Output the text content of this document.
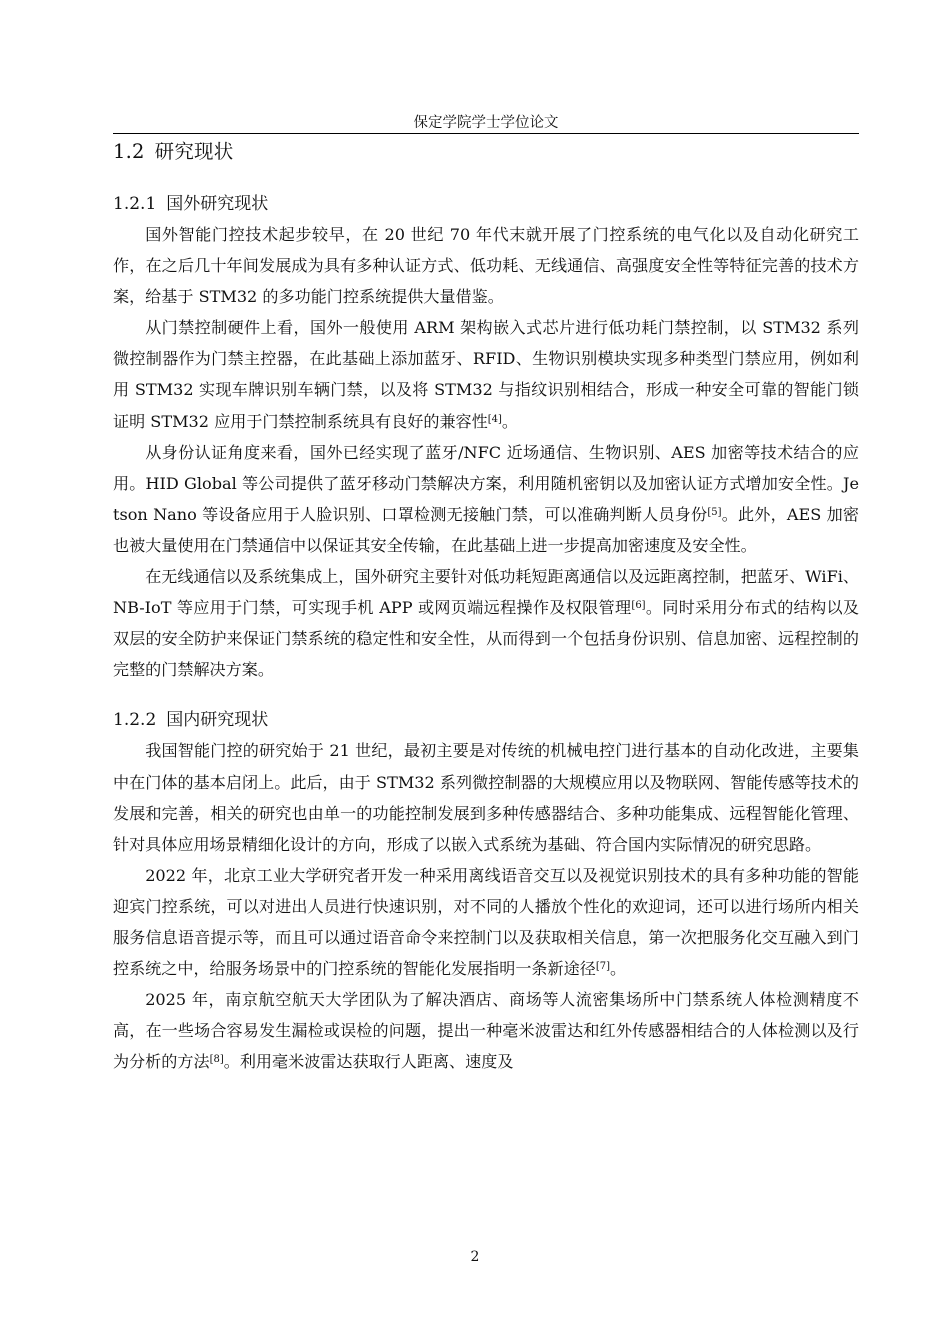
保定学院学士学位论文
1.2 研究现状
1.2.1 国外研究现状

国外智能门控技术起步较早，在 20 世纪 70 年代末就开展了门控系统的电气化以及自动化研究工作，在之后几十年间发展成为具有多种认证方式、低功耗、无线通信、高强度安全性等特征完善的技术方案，给基于 STM32 的多功能门控系统提供大量借鉴。

从门禁控制硬件上看，国外一般使用 ARM 架构嵌入式芯片进行低功耗门禁控制，以 STM32 系列微控制器作为门禁主控器，在此基础上添加蓝牙、RFID、生物识别模块实现多种类型门禁应用，例如利用 STM32 实现车牌识别车辆门禁，以及将 STM32 与指纹识别相结合，形成一种安全可靠的智能门锁证明 STM32 应用于门禁控制系统具有良好的兼容性[4]。

从身份认证角度来看，国外已经实现了蓝牙/NFC 近场通信、生物识别、AES 加密等技术结合的应用。HID Global 等公司提供了蓝牙移动门禁解决方案，利用随机密钥以及加密认证方式增加安全性。Jetson Nano 等设备应用于人脸识别、口罩检测无接触门禁，可以准确判断人员身份[5]。此外，AES 加密也被大量使用在门禁通信中以保证其安全传输，在此基础上进一步提高加密速度及安全性。

在无线通信以及系统集成上，国外研究主要针对低功耗短距离通信以及远距离控制，把蓝牙、WiFi、NB-IoT 等应用于门禁，可实现手机 APP 或网页端远程操作及权限管理[6]。同时采用分布式的结构以及双层的安全防护来保证门禁系统的稳定性和安全性，从而得到一个包括身份识别、信息加密、远程控制的完整的门禁解决方案。

1.2.2 国内研究现状

我国智能门控的研究始于 21 世纪，最初主要是对传统的机械电控门进行基本的自动化改进，主要集中在门体的基本启闭上。此后，由于 STM32 系列微控制器的大规模应用以及物联网、智能传感等技术的发展和完善，相关的研究也由单一的功能控制发展到多种传感器结合、多种功能集成、远程智能化管理、针对具体应用场景精细化设计的方向，形成了以嵌入式系统为基础、符合国内实际情况的研究思路。

2022 年，北京工业大学研究者开发一种采用离线语音交互以及视觉识别技术的具有多种功能的智能迎宾门控系统，可以对进出人员进行快速识别，对不同的人播放个性化的欢迎词，还可以进行场所内相关服务信息语音提示等，而且可以通过语音命令来控制门以及获取相关信息，第一次把服务化交互融入到门控系统之中，给服务场景中的门控系统的智能化发展指明一条新途径[7]。

2025 年，南京航空航天大学团队为了解决酒店、商场等人流密集场所中门禁系统人体检测精度不高，在一些场合容易发生漏检或误检的问题，提出一种毫米波雷达和红外传感器相结合的人体检测以及行为分析的方法[8]。利用毫米波雷达获取行人距离、速度及

2
